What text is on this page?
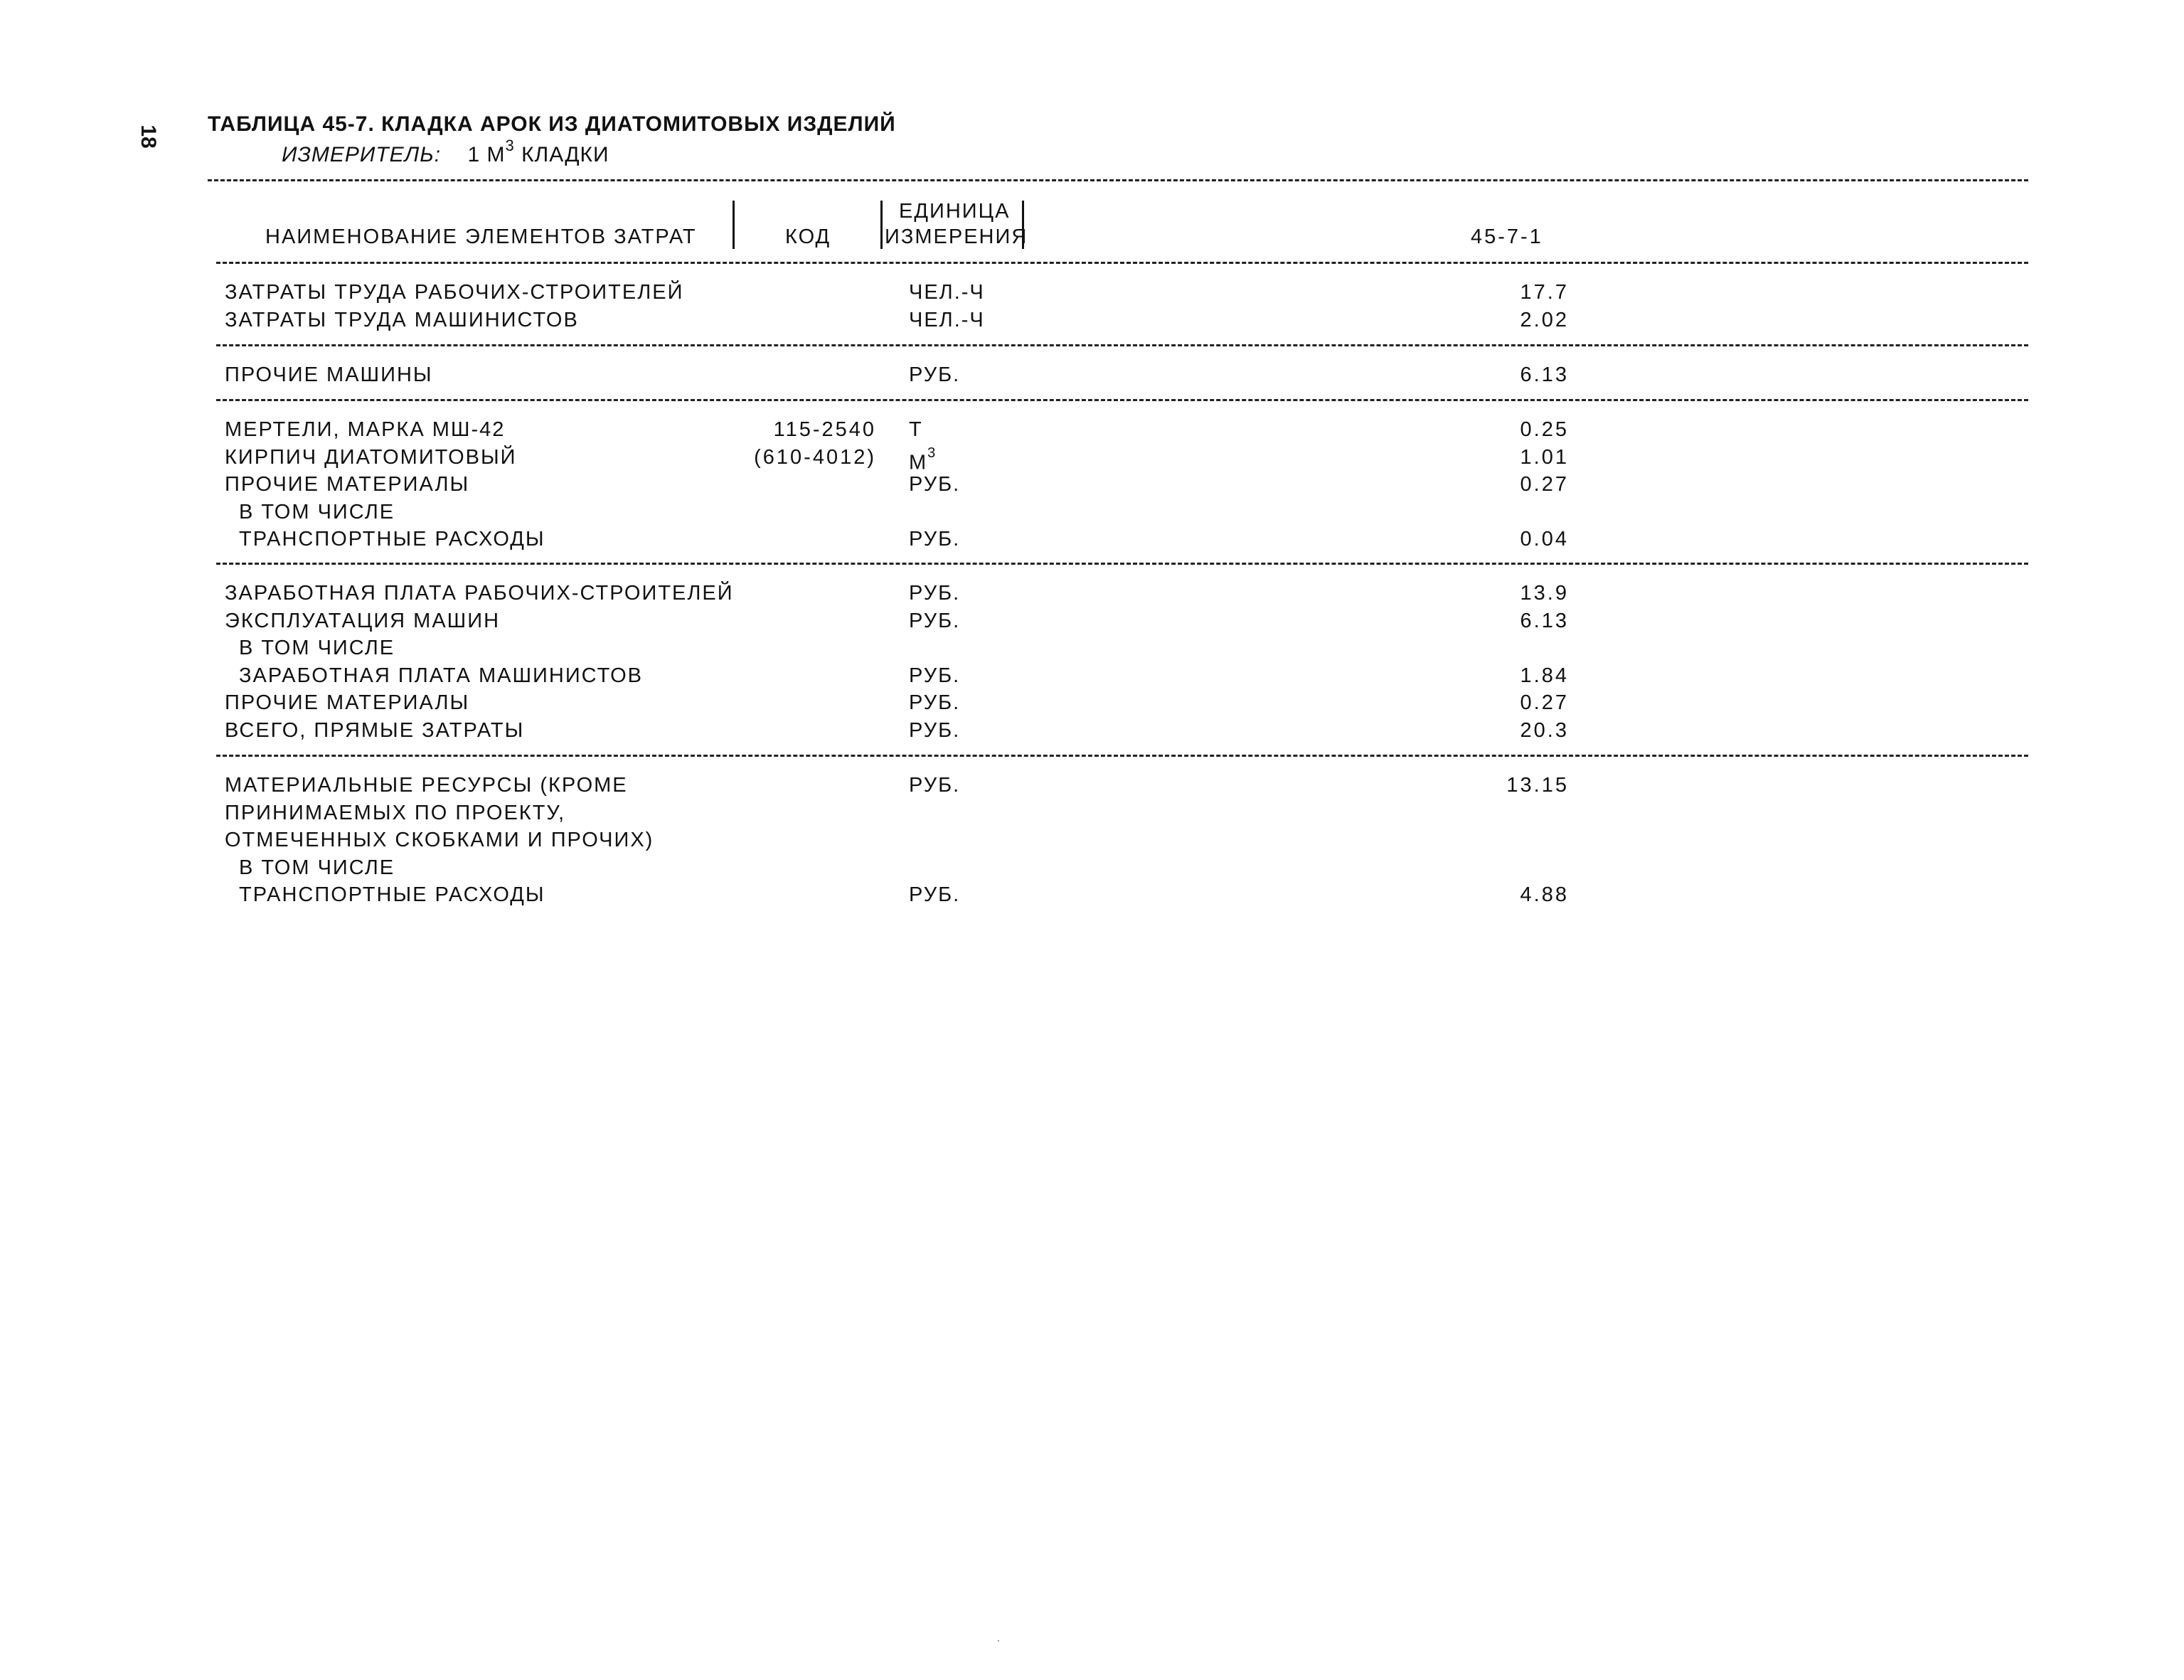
18
ТАБЛИЦА 45-7. КЛАДКА АРОК ИЗ ДИАТОМИТОВЫХ ИЗДЕЛИЙ
ИЗМЕРИТЕЛЬ: 1 $М^3$ КЛАДКИ
НАИМЕНОВАНИЕ ЭЛЕМЕНТОВ ЗАТРАТ	КОД
ЕДИНИЦА
ИЗМЕРЕНИЯ	45-7-1
ЗАТРАТЫ ТРУДА РАБОЧИХ-СТРОИТЕЛЕЙ	ЧЕЛ.-Ч	17.7
ЗАТРАТЫ ТРУДА МАШИНИСТОВ	ЧЕЛ.-Ч	2.02
ПРОЧИЕ МАШИНЫ	РУБ.	6.13
МЕРТЕЛИ, МАРКА МШ-42	115-2540 Т	0.25
КИРПИЧ ДИАТОМИТОВЫЙ	(610-4012) $М^3$	1.01
ПРОЧИЕ МАТЕРИАЛЫ	РУБ.	0.27
В ТОМ ЧИСЛЕ
ТРАНСПОРТНЫЕ РАСХОДЫ	РУБ.	0.04
ЗАРАБОТНАЯ ПЛАТА РАБОЧИХ-СТРОИТЕЛЕЙ	РУБ.	13.9
ЭКСПЛУАТАЦИЯ МАШИН	РУБ.	6.13
В ТОМ ЧИСЛЕ
ЗАРАБОТНАЯ ПЛАТА МАШИНИСТОВ	РУБ.	1.84
ПРОЧИЕ МАТЕРИАЛЫ	РУБ.	0.27
ВСЕГО, ПРЯМЫЕ ЗАТРАТЫ	РУБ.	20.3
МАТЕРИАЛЬНЫЕ РЕСУРСЫ (КРОМЕ	РУБ.	13.15
ПРИНИМАЕМЫХ ПО ПРОЕКТУ,
ОТМЕЧЕННЫХ СКОБКАМИ И ПРОЧИХ)
В ТОМ ЧИСЛЕ
ТРАНСПОРТНЫЕ РАСХОДЫ	РУБ.	4.88
